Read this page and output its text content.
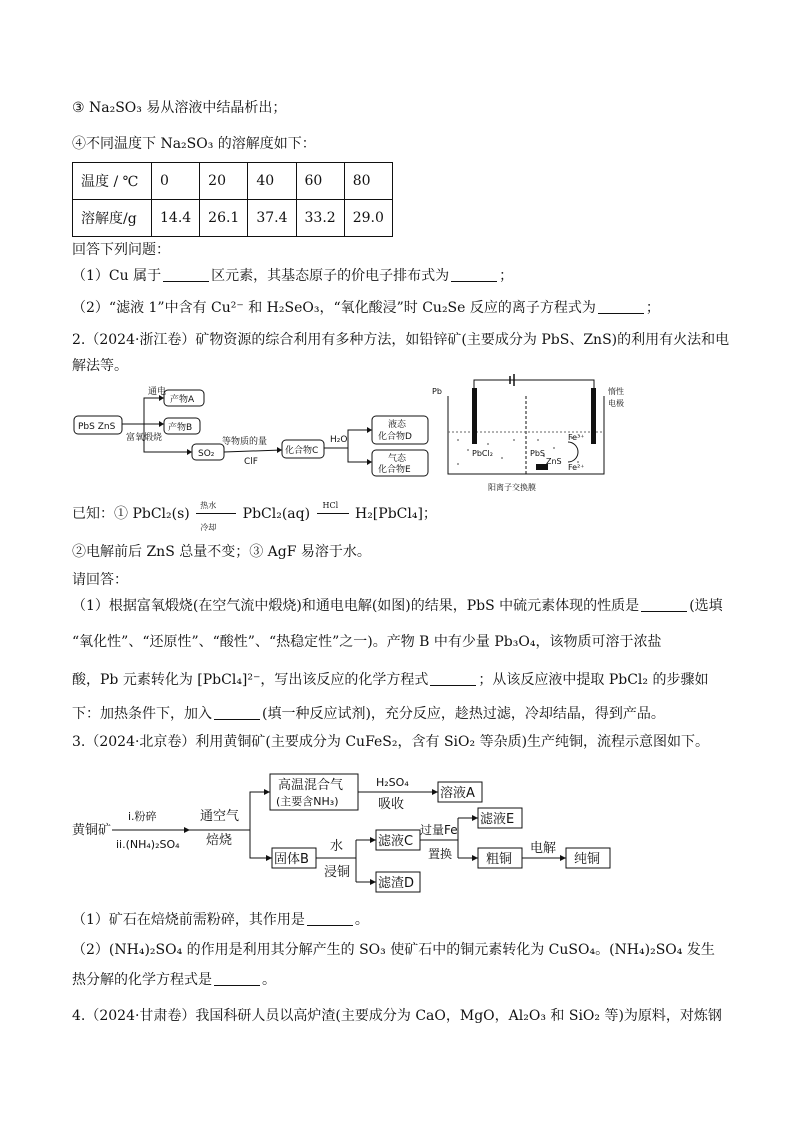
③ Na₂SO₃ 易从溶液中结晶析出；
④不同温度下 Na₂SO₃ 的溶解度如下：
温度 / ℃	0	20	40	60	80
溶解度/g	14.4	26.1	37.4	33.2	29.0
回答下列问题：
（1）Cu 属于	区元素，其基态原子的价电子排布式为	；
（2）“滤液 1”中含有 Cu²⁻ 和 H₂SeO₃，“氧化酸浸”时 Cu₂Se 反应的离子方程式为	；
2.（2024·浙江卷）矿物资源的综合利用有多种方法，如铅锌矿(主要成分为 PbS、ZnS)的利用有火法和电
解法等。
PbS ZnS
通电
产物A
产物B
富氧煅烧
SO₂
等物质的量
ClF
化合物C
H₂O
液态
化合物D
气态
化合物E
Pb	惰性
电极
PbCl₂	PbS
ZnS
Fe³⁺
Fe²⁺
阳离子交换膜
已知：① PbCl₂(s)
热水
冷却
PbCl₂(aq)
HCl
H₂[PbCl₄]；
②电解前后 ZnS 总量不变；③ AgF 易溶于水。
请回答：
（1）根据富氧煅烧(在空气流中煅烧)和通电电解(如图)的结果，PbS 中硫元素体现的性质是	(选填
“氧化性”、“还原性”、“酸性”、“热稳定性”之一)。产物 B 中有少量 Pb₃O₄，该物质可溶于浓盐
酸，Pb 元素转化为 [PbCl₄]²⁻，写出该反应的化学方程式	；从该反应液中提取 PbCl₂ 的步骤如
下：加热条件下，加入	(填一种反应试剂)，充分反应，趁热过滤，冷却结晶，得到产品。
3.（2024·北京卷）利用黄铜矿(主要成分为 CuFeS₂，含有 SiO₂ 等杂质)生产纯铜，流程示意图如下。
黄铜矿
i.粉碎
ii.(NH₄)₂SO₄
通空气
焙烧
高温混合气
(主要含NH₃)
H₂SO₄
吸收
溶液A
固体B
水
浸铜
滤液C
过量Fe
置换
滤液E
粗铜
电解
纯铜
滤渣D
（1）矿石在焙烧前需粉碎，其作用是	。
（2）(NH₄)₂SO₄ 的作用是利用其分解产生的 SO₃ 使矿石中的铜元素转化为 CuSO₄。(NH₄)₂SO₄ 发生
热分解的化学方程式是	。
4.（2024·甘肃卷）我国科研人员以高炉渣(主要成分为 CaO，MgO，Al₂O₃ 和 SiO₂ 等)为原料，对炼钢
